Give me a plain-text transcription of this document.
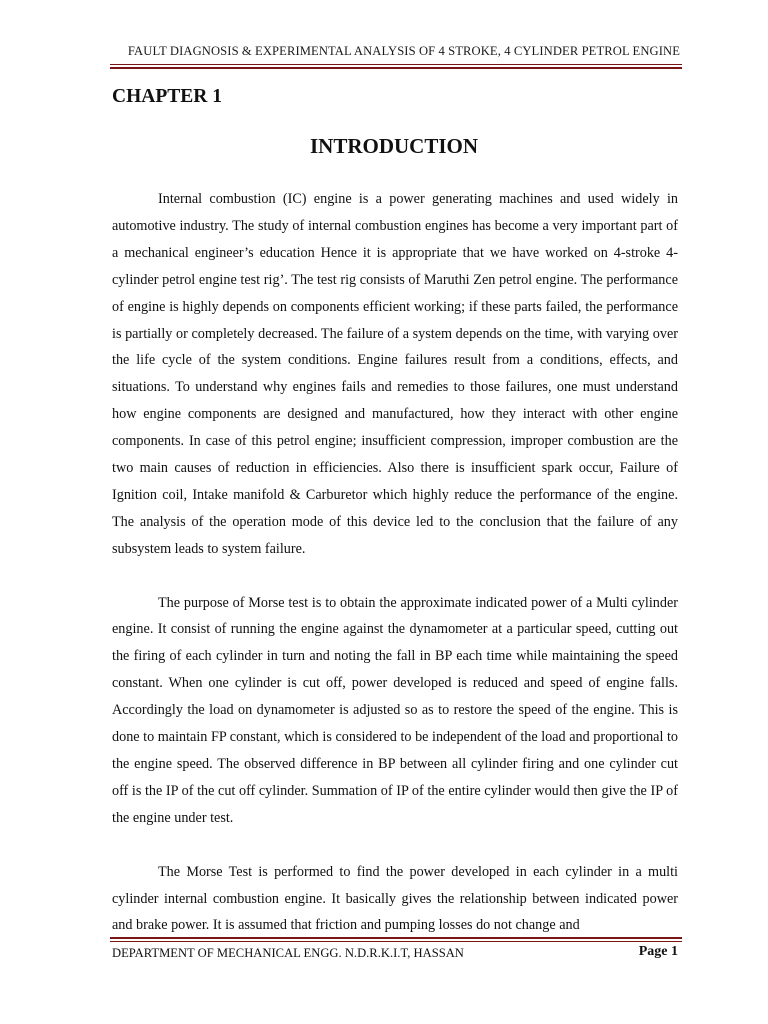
FAULT DIAGNOSIS & EXPERIMENTAL ANALYSIS OF 4 STROKE, 4 CYLINDER PETROL ENGINE
CHAPTER 1
INTRODUCTION

Internal combustion (IC) engine is a power generating machines and used widely in automotive industry. The study of internal combustion engines has become a very important part of a mechanical engineer’s education Hence it is appropriate that we have worked on 4-stroke 4-cylinder petrol engine test rig’. The test rig consists of Maruthi Zen petrol engine. The performance of engine is highly depends on components efficient working; if these parts failed, the performance is partially or completely decreased. The failure of a system depends on the time, with varying over the life cycle of the system conditions. Engine failures result from a conditions, effects, and situations. To understand why engines fails and remedies to those failures, one must understand how engine components are designed and manufactured, how they interact with other engine components. In case of this petrol engine; insufficient compression, improper combustion are the two main causes of reduction in efficiencies. Also there is insufficient spark occur, Failure of Ignition coil, Intake manifold & Carburetor which highly reduce the performance of the engine. The analysis of the operation mode of this device led to the conclusion that the failure of any subsystem leads to system failure.

The purpose of Morse test is to obtain the approximate indicated power of a Multi cylinder engine. It consist of running the engine against the dynamometer at a particular speed, cutting out the firing of each cylinder in turn and noting the fall in BP each time while maintaining the speed constant. When one cylinder is cut off, power developed is reduced and speed of engine falls. Accordingly the load on dynamometer is adjusted so as to restore the speed of the engine. This is done to maintain FP constant, which is considered to be independent of the load and proportional to the engine speed. The observed difference in BP between all cylinder firing and one cylinder cut off is the IP of the cut off cylinder. Summation of IP of the entire cylinder would then give the IP of the engine under test.

The Morse Test is performed to find the power developed in each cylinder in a multi cylinder internal combustion engine. It basically gives the relationship between indicated power and brake power. It is assumed that friction and pumping losses do not change and

DEPARTMENT OF MECHANICAL ENGG. N.D.R.K.I.T, HASSAN	Page 1
